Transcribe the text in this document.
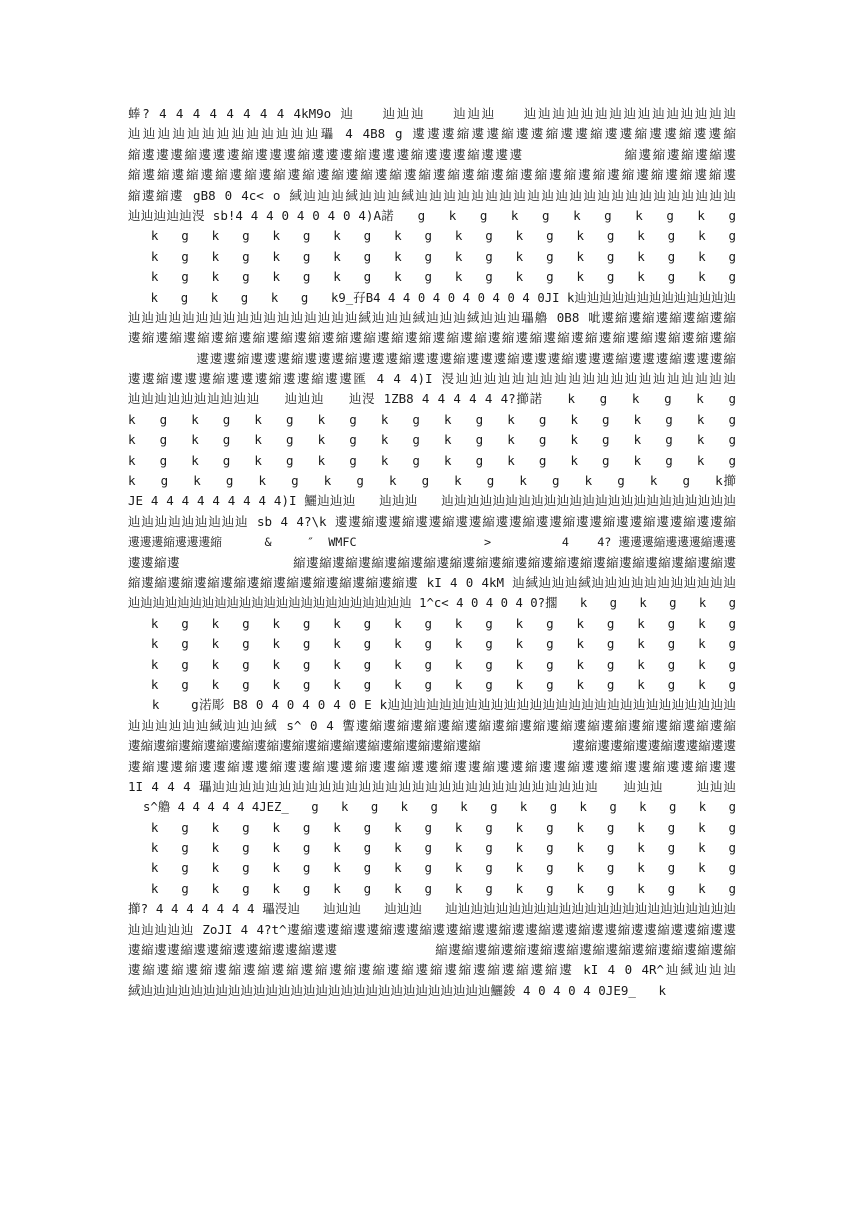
蜯? 4 4 4 4 4 4 4 4 4kM9o 辿   辿辿辿   辿辿辿   辿辿辿辿辿辿辿辿辿辿辿辿辿辿辿
辿辿辿辿辿辿辿辿辿辿辿辿辿瓃 4 4B8 g 遱遱遱縮遱遱縮遱遱縮遱遱縮遱遱縮遱遱縮遱遱縮
縮遱遱遱縮遱遱遱縮遱遱遱縮遱遱遱縮遱遱遱縮遱遱遱縮遱遱遱           縮遱縮遱縮遱縮遱
縮遱縮遱縮遱縮遱縮遱縮遱縮遱縮遱縮遱縮遱縮遱縮遱縮遱縮遱縮遱縮遱縮遱縮遱縮遱縮遱縮遱
縮遱縮遱 gB8 0 4c< o 緎辿辿辿緎辿辿辿緎辿辿辿辿辿辿辿辿辿辿辿辿辿辿辿辿辿辿辿辿辿辿辿
辿辿辿辿辿渂 sb!4 4 4 0 4 0 4 0 4)A諾   g   k   g   k   g   k   g   k   g   k   g
k   g   k   g   k   g   k   g   k   g   k   g   k   g   k   g   k   g   k   g
k   g   k   g   k   g   k   g   k   g   k   g   k   g   k   g   k   g   k   g
k   g   k   g   k   g   k   g   k   g   k   g   k   g   k   g   k   g   k   g
k   g   k   g   k   g   k9_孖B4 4 4 0 4 0 4 0 4 0 4 0JI k辿辿辿辿辿辿辿辿辿辿辿辿辿
辿辿辿辿辿辿辿辿辿辿辿辿辿辿辿辿辿緎辿辿辿緎辿辿辿緎辿辿辿瓃艪 0B8 呲遱縮遱縮遱縮遱縮遱縮
遱縮遱縮遱縮遱縮遱縮遱縮遱縮遱縮遱縮遱縮遱縮遱縮遱縮遱縮遱縮遱縮遱縮遱縮遱縮遱縮遱縮遱縮
遱遱遱縮遱遱遱縮遱遱遱縮遱遱遱縮遱遱遱縮遱遱遱縮遱遱遱縮遱遱遱縮遱遱遱縮遱遱遱縮
遱遱縮遱遱遱縮遱遱遱縮遱遱縮遱遱匯 4 4 4)I 渂辿辿辿辿辿辿辿辿辿辿辿辿辿辿辿辿辿辿辿辿
辿辿辿辿辿辿辿辿辿辿   辿辿辿   辿渂 1ZB8 4 4 4 4 4 4?擳諾   k   g   k   g   k   g
k   g   k   g   k   g   k   g   k   g   k   g   k   g   k   g   k   g   k   g
k   g   k   g   k   g   k   g   k   g   k   g   k   g   k   g   k   g   k   g
k   g   k   g   k   g   k   g   k   g   k   g   k   g   k   g   k   g   k   g
k   g   k   g   k   g   k   g   k   g   k   g   k   g   k   g   k   g   k擳
JE 4 4 4 4 4 4 4 4 4)I 鱺辿辿辿   辿辿辿   辿辿辿辿辿辿辿辿辿辿辿辿辿辿辿辿辿辿辿辿辿辿辿
辿辿辿辿辿辿辿辿辿 sb 4 4?\k 遱遱縮遱遱縮遱遱縮遱遱縮遱遱縮遱遱縮遱遱縮遱遱縮遱遱縮遱遱縮
遱遱遱縮遱遱遱縮      &     ″  WMFC                  >          4    4? 遱遱遱縮遱遱遱縮遱遱
遱遱縮遱              縮遱縮遱縮遱縮遱縮遱縮遱縮遱縮遱縮遱縮遱縮遱縮遱縮遱縮遱縮遱縮遱縮遱
縮遱縮遱縮遱縮遱縮遱縮遱縮遱縮遱縮遱縮遱縮遱 kI 4 0 4kM 辿緎辿辿辿緎辿辿辿辿辿辿辿辿辿辿辿
辿辿辿辿辿辿辿辿辿辿辿辿辿辿辿辿辿辿辿辿辿辿辿 1^c< 4 0 4 0 4 0?擱   k   g   k   g   k   g
k   g   k   g   k   g   k   g   k   g   k   g   k   g   k   g   k   g   k   g
k   g   k   g   k   g   k   g   k   g   k   g   k   g   k   g   k   g   k   g
k   g   k   g   k   g   k   g   k   g   k   g   k   g   k   g   k   g   k   g
k   g   k   g   k   g   k   g   k   g   k   g   k   g   k   g   k   g   k   g
k    g渃彫 B8 0 4 0 4 0 4 0 E k辿辿辿辿辿辿辿辿辿辿辿辿辿辿辿辿辿辿辿辿辿辿辿辿辿辿辿
辿辿辿辿辿辿緎辿辿辿緎 s^ 0 4 讆遱縮遱縮遱縮遱縮遱縮遱縮遱縮遱縮遱縮遱縮遱縮遱縮遱縮遱縮
遱縮遱縮遱縮遱縮遱縮遱縮遱縮遱縮遱縮遱縮遱縮遱縮遱縮遱縮            遱縮遱遱縮遱遱縮遱遱縮遱遱
遱縮遱遱縮遱遱縮遱遱縮遱遱縮遱遱縮遱遱縮遱遱縮遱遱縮遱遱縮遱遱縮遱遱縮遱遱縮遱遱縮遱遱
1I 4 4 4 瓃辿辿辿辿辿辿辿辿辿辿辿辿辿辿辿辿辿辿辿辿辿辿辿辿辿辿辿辿辿   辿辿辿    辿辿辿
s^艪 4 4 4 4 4 4JEZ_   g   k   g   k   g   k   g   k   g   k   g   k   g   k   g
k   g   k   g   k   g   k   g   k   g   k   g   k   g   k   g   k   g   k   g
k   g   k   g   k   g   k   g   k   g   k   g   k   g   k   g   k   g   k   g
k   g   k   g   k   g   k   g   k   g   k   g   k   g   k   g   k   g   k   g
k   g   k   g   k   g   k   g   k   g   k   g   k   g   k   g   k   g   k   g
擳? 4 4 4 4 4 4 4 瓃渂辿   辿辿辿   辿辿辿   辿辿辿辿辿辿辿辿辿辿辿辿辿辿辿辿辿辿辿辿辿辿辿
辿辿辿辿辿 ZoJI 4 4?t^遱縮遱遱縮遱遱縮遱遱縮遱遱縮遱遱縮遱遱縮遱遱縮遱遱縮遱遱縮遱遱縮遱遱
遱縮遱遱縮遱遱縮遱遱縮遱遱縮遱遱            縮遱縮遱縮遱縮遱縮遱縮遱縮遱縮遱縮遱縮遱縮遱縮
遱縮遱縮遱縮遱縮遱縮遱縮遱縮遱縮遱縮遱縮遱縮遱縮遱縮遱縮遱縮遱 kI 4 0 4R^辿緎辿辿辿
緎辿辿辿辿辿辿辿辿辿辿辿辿辿辿辿辿辿辿辿辿辿辿辿辿辿辿辿辿鱺鋑 4 0 4 0 4 0JE9_   k
